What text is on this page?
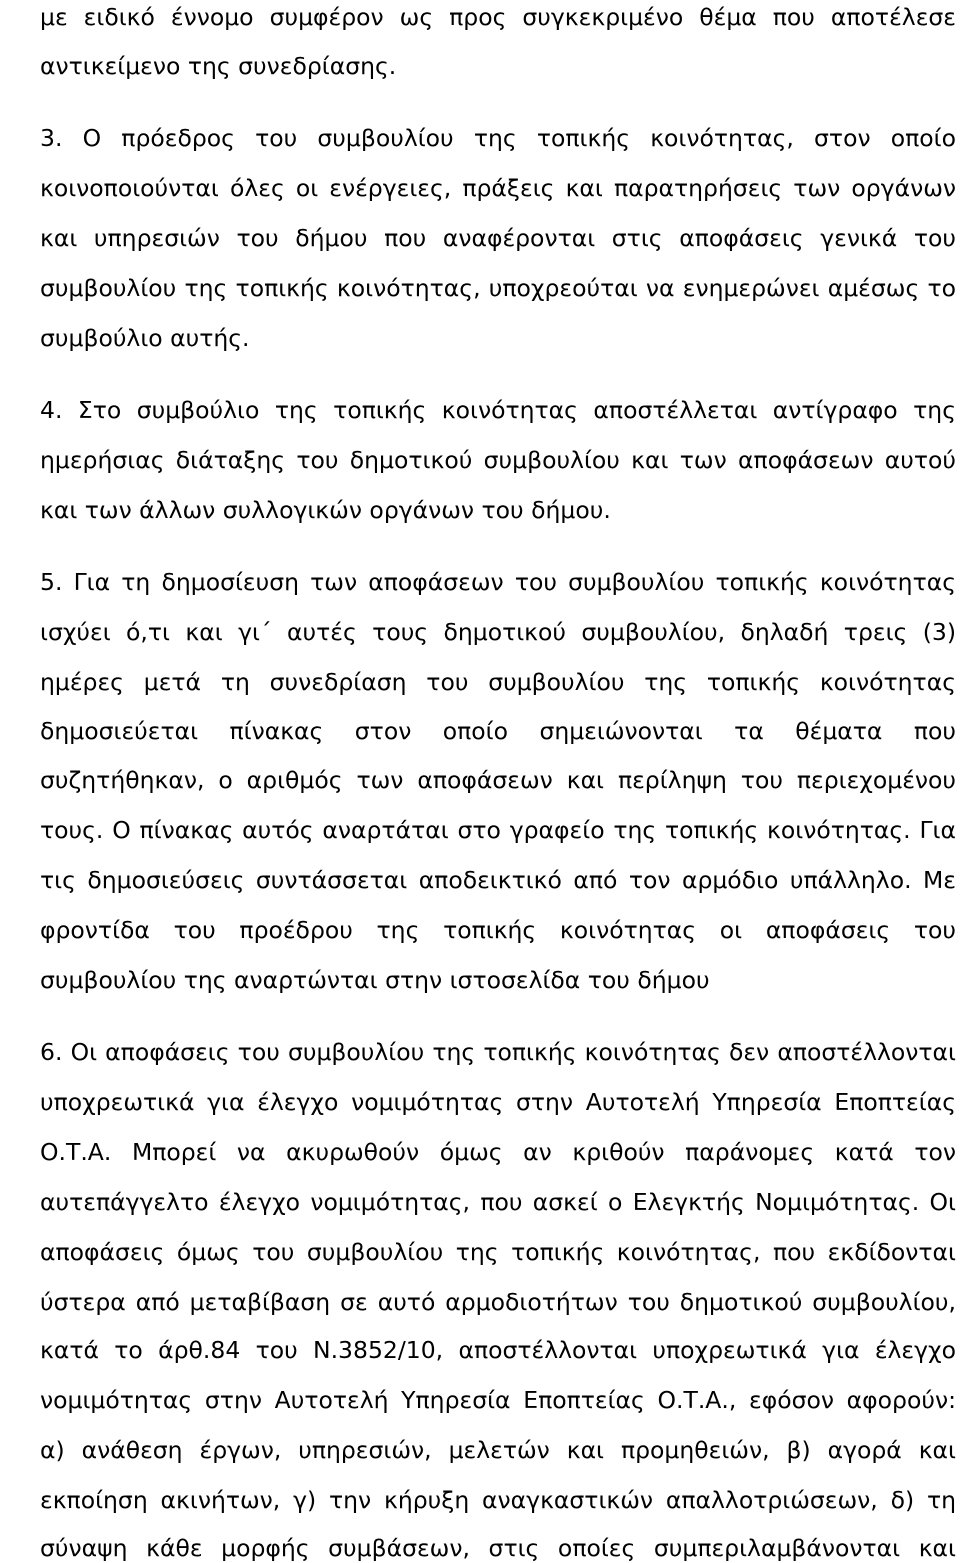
με ειδικό έννομο συμφέρον ως προς συγκεκριμένο θέμα που αποτέλεσε
αντικείμενο της συνεδρίασης.
3. Ο πρόεδρος του συμβουλίου της τοπικής κοινότητας, στον οποίο
κοινοποιούνται όλες οι ενέργειες, πράξεις και παρατηρήσεις των οργάνων
και υπηρεσιών του δήμου που αναφέρονται στις αποφάσεις γενικά του
συμβουλίου της τοπικής κοινότητας, υποχρεούται να ενημερώνει αμέσως το
συμβούλιο αυτής.
4. Στο συμβούλιο της τοπικής κοινότητας αποστέλλεται αντίγραφο της
ημερήσιας διάταξης του δημοτικού συμβουλίου και των αποφάσεων αυτού
και των άλλων συλλογικών οργάνων του δήμου.
5. Για τη δημοσίευση των αποφάσεων του συμβουλίου τοπικής κοινότητας
ισχύει ό,τι και γι΄ αυτές τους δημοτικού συμβουλίου, δηλαδή τρεις (3)
ημέρες μετά τη συνεδρίαση του συμβουλίου της τοπικής κοινότητας
δημοσιεύεται πίνακας στον οποίο σημειώνονται τα θέματα που
συζητήθηκαν, ο αριθμός των αποφάσεων και περίληψη του περιεχομένου
τους. Ο πίνακας αυτός αναρτάται στο γραφείο της τοπικής κοινότητας. Για
τις δημοσιεύσεις συντάσσεται αποδεικτικό από τον αρμόδιο υπάλληλο. Με
φροντίδα του προέδρου της τοπικής κοινότητας οι αποφάσεις του
συμβουλίου της αναρτώνται στην ιστοσελίδα του δήμου
6. Οι αποφάσεις του συμβουλίου της τοπικής κοινότητας δεν αποστέλλονται
υποχρεωτικά για έλεγχο νομιμότητας στην Αυτοτελή Υπηρεσία Εποπτείας
Ο.Τ.Α. Μπορεί να ακυρωθούν όμως αν κριθούν παράνομες κατά τον
αυτεπάγγελτο έλεγχο νομιμότητας, που ασκεί ο Ελεγκτής Νομιμότητας. Οι
αποφάσεις όμως του συμβουλίου της τοπικής κοινότητας, που εκδίδονται
ύστερα από μεταβίβαση σε αυτό αρμοδιοτήτων του δημοτικού συμβουλίου,
κατά το άρθ.84 του Ν.3852/10, αποστέλλονται υποχρεωτικά για έλεγχο
νομιμότητας στην Αυτοτελή Υπηρεσία Εποπτείας Ο.Τ.Α., εφόσον αφορούν:
α) ανάθεση έργων, υπηρεσιών, μελετών και προμηθειών, β) αγορά και
εκποίηση ακινήτων, γ) την κήρυξη αναγκαστικών απαλλοτριώσεων, δ) τη
σύναψη κάθε μορφής συμβάσεων, στις οποίες συμπεριλαμβάνονται και
